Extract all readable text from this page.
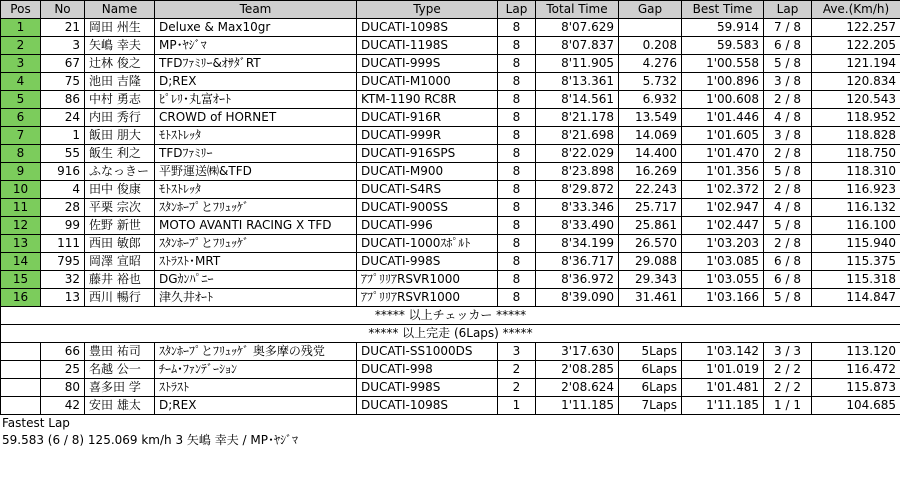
Pos	No	Name	Team	Type	Lap	Total Time	Gap	Best Time	Lap	Ave.(Km/h)
1	21	岡田 州生	Deluxe & Max10gr	DUCATI-1098S	8	8'07.629		59.914	7 / 8	122.257
2	3	矢嶋 幸夫	MP･ﾔｼﾞﾏ	DUCATI-1198S	8	8'07.837	0.208	59.583	6 / 8	122.205
3	67	辻林 俊之	TFDﾌｧﾐﾘｰ&ｵｻﾀﾞRT	DUCATI-999S	8	8'11.905	4.276	1'00.558	5 / 8	121.194
4	75	池田 吉隆	D;REX	DUCATI-M1000	8	8'13.361	5.732	1'00.896	3 / 8	120.834
5	86	中村 勇志	ﾋﾟﾚﾘ･丸富ｵｰﾄ	KTM-1190 RC8R	8	8'14.561	6.932	1'00.608	2 / 8	120.543
6	24	内田 秀行	CROWD of HORNET	DUCATI-916R	8	8'21.178	13.549	1'01.446	4 / 8	118.952
7	1	飯田 朋大	ﾓﾄｽﾄﾚｯﾀ	DUCATI-999R	8	8'21.698	14.069	1'01.605	3 / 8	118.828
8	55	飯生 利之	TFDﾌｧﾐﾘｰ	DUCATI-916SPS	8	8'22.029	14.400	1'01.470	2 / 8	118.750
9	916	ふなっきー	平野運送㈱&TFD	DUCATI-M900	8	8'23.898	16.269	1'01.356	5 / 8	118.310
10	4	田中 俊康	ﾓﾄｽﾄﾚｯﾀ	DUCATI-S4RS	8	8'29.872	22.243	1'02.372	2 / 8	116.923
11	28	平栗 宗次	ｽﾀﾝﾎｰﾌﾟとﾌﾘｭｯｹﾞ	DUCATI-900SS	8	8'33.346	25.717	1'02.947	4 / 8	116.132
12	99	佐野 新世	MOTO AVANTI RACING X TFD	DUCATI-996	8	8'33.490	25.861	1'02.447	5 / 8	116.100
13	111	西田 敏郎	ｽﾀﾝﾎｰﾌﾟとﾌﾘｭｯｹﾞ	DUCATI-1000ｽﾎﾟﾙﾄ	8	8'34.199	26.570	1'03.203	2 / 8	115.940
14	795	岡澤 宣昭	ｽﾄﾗｽﾄ･MRT	DUCATI-998S	8	8'36.717	29.088	1'03.085	6 / 8	115.375
15	32	藤井 裕也	DGｶﾝﾊﾟﾆｰ	ｱﾌﾟﾘﾘｱRSVR1000	8	8'36.972	29.343	1'03.055	6 / 8	115.318
16	13	西川 暢行	津久井ｵｰﾄ	ｱﾌﾟﾘﾘｱRSVR1000	8	8'39.090	31.461	1'03.166	5 / 8	114.847
***** 以上チェッカー *****										
***** 以上完走 (6Laps) *****										
	66	豊田 祐司	ｽﾀﾝﾎｰﾌﾟとﾌﾘｭｯｹﾞ 奥多摩の残党	DUCATI-SS1000DS	3	3'17.630	5Laps	1'03.142	3 / 3	113.120
	25	名越 公一	ﾁｰﾑ･ﾌｧﾝﾃﾞｰｼｮﾝ	DUCATI-998	2	2'08.285	6Laps	1'01.019	2 / 2	116.472
	80	喜多田 学	ｽﾄﾗｽﾄ	DUCATI-998S	2	2'08.624	6Laps	1'01.481	2 / 2	115.873
	42	安田 雄太	D;REX	DUCATI-1098S	1	1'11.185	7Laps	1'11.185	1 / 1	104.685
Fastest Lap
59.583 (6 / 8) 125.069 km/h 3 矢嶋 幸夫 / MP･ﾔｼﾞﾏ
